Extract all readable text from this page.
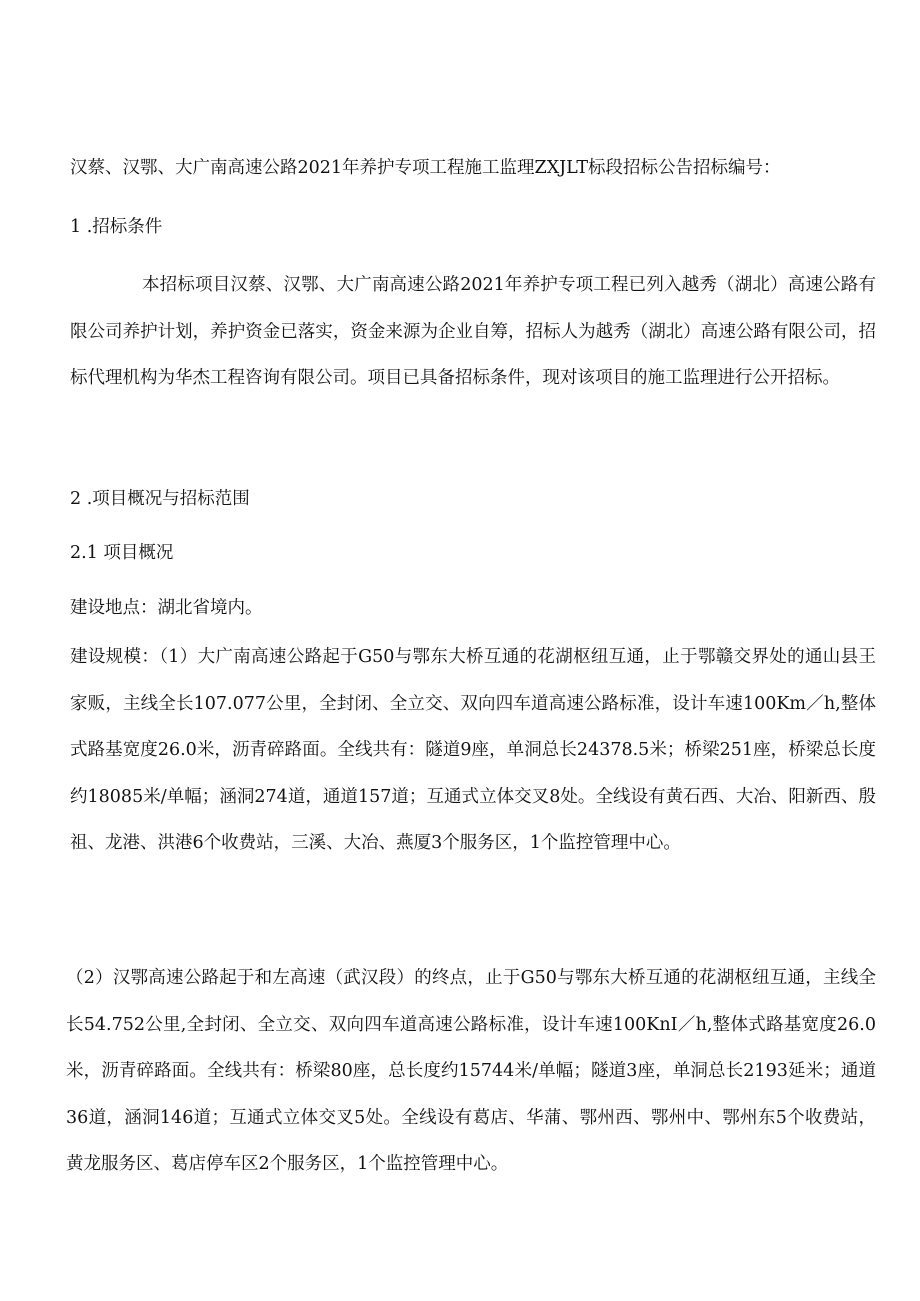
汉蔡、汉鄂、大广南高速公路2021年养护专项工程施工监理ZXJLT标段招标公告招标编号：

1 .招标条件

本招标项目汉蔡、汉鄂、大广南高速公路2021年养护专项工程已列入越秀（湖北）高速公路有限公司养护计划，养护资金已落实，资金来源为企业自筹，招标人为越秀（湖北）高速公路有限公司，招标代理机构为华杰工程咨询有限公司。项目已具备招标条件，现对该项目的施工监理进行公开招标。

2 .项目概况与招标范围

2.1 项目概况

建设地点：湖北省境内。

建设规模：（1）大广南高速公路起于G50与鄂东大桥互通的花湖枢纽互通，止于鄂赣交界处的通山县王家贩，主线全长107.077公里，全封闭、全立交、双向四车道高速公路标准，设计车速100Km／h,整体式路基宽度26.0米，沥青碎路面。全线共有：隧道9座，单洞总长24378.5米；桥梁251座，桥梁总长度约18085米/单幅；涵洞274道，通道157道；互通式立体交叉8处。全线设有黄石西、大冶、阳新西、殷祖、龙港、洪港6个收费站，三溪、大冶、燕厦3个服务区，1个监控管理中心。

（2）汉鄂高速公路起于和左高速（武汉段）的终点，止于G50与鄂东大桥互通的花湖枢纽互通，主线全长54.752公里,全封闭、全立交、双向四车道高速公路标准，设计车速100KnI／h,整体式路基宽度26.0米，沥青碎路面。全线共有：桥梁80座，总长度约15744米/单幅；隧道3座，单洞总长2193延米；通道36道，涵洞146道；互通式立体交叉5处。全线设有葛店、华蒲、鄂州西、鄂州中、鄂州东5个收费站，黄龙服务区、葛店停车区2个服务区，1个监控管理中心。
